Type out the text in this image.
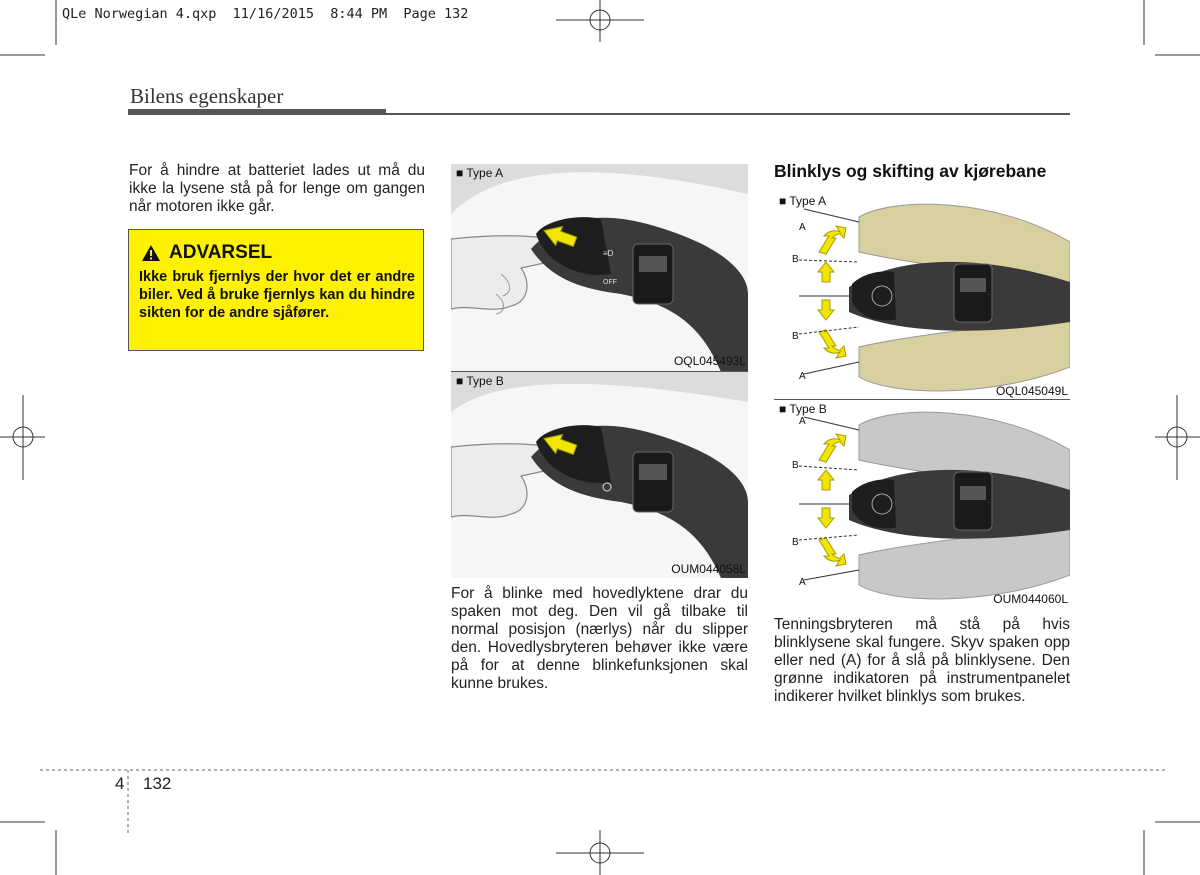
QLe Norwegian 4.qxp  11/16/2015  8:44 PM  Page 132
Bilens egenskaper
For å hindre at batteriet lades ut må du ikke la lysene stå på for lenge om gangen når motoren ikke går.
ADVARSEL
Ikke bruk fjernlys der hvor det er andre biler. Ved å bruke fjernlys kan du hindre sikten for de andre sjåfører.
≡D
OFF
■ Type A
OQL045493L
■ Type B
OUM044058L
For å blinke med hovedlyktene drar du spaken mot deg. Den vil gå tilbake til normal posisjon (nærlys) når du slipper den. Hovedlysbryteren behøver ikke være på for at denne blinkefunksjonen skal kunne brukes.
Blinklys og skifting av kjørebane
A
B
B
A
■ Type A
OQL045049L
A
B
B
A
■ Type B
OUM044060L
Tenningsbryteren må stå på hvis blinklysene skal fungere. Skyv spaken opp eller ned (A) for å slå på blinklysene. Den grønne indikatoren på instrumentpanelet indikerer hvilket blinklys som brukes.
4 132
